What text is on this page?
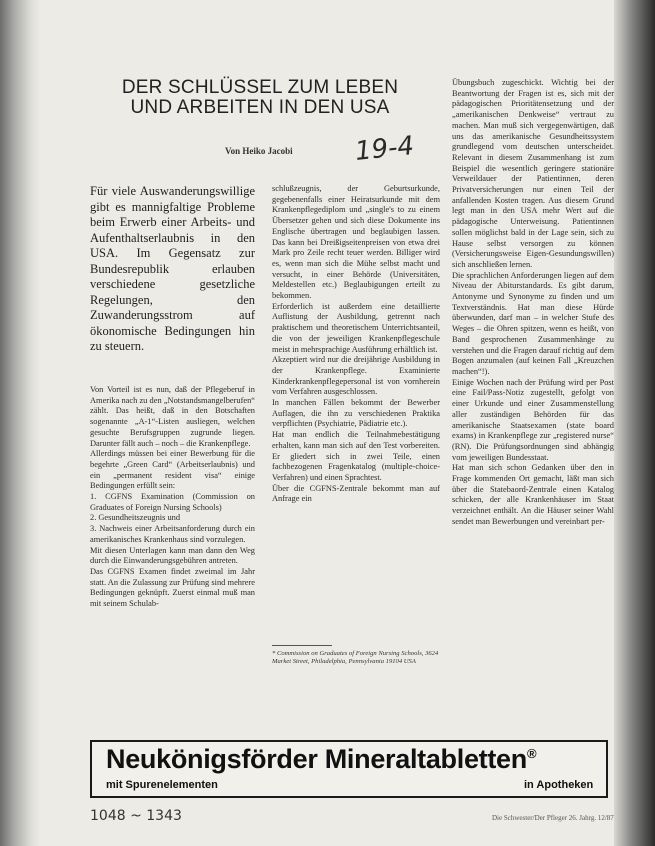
DER SCHLÜSSEL ZUM LEBEN UND ARBEITEN IN DEN USA
Von Heiko Jacobi 19-4
Für viele Auswanderungswillige gibt es mannigfaltige Probleme beim Erwerb einer Arbeits- und Aufenthaltserlaubnis in den USA. Im Gegensatz zur Bundesrepublik erlauben verschiedene gesetzliche Regelungen, den Zuwanderungsstrom auf ökonomische Bedingungen hin zu steuern.

Von Vorteil ist es nun, daß der Pflegeberuf in Amerika nach zu den „Notstandsmangelberufen“ zählt. Das heißt, daß in den Botschaften sogenannte „A-1“-Listen ausliegen, welchen gesuchte Berufsgruppen zugrunde liegen. Darunter fällt auch – noch – die Krankenpflege.

Allerdings müssen bei einer Bewerbung für die begehrte „Green Card“ (Arbeitserlaubnis) und ein „permanent resident visa“ einige Bedingungen erfüllt sein:

1. CGFNS Examination (Commission on Graduates of Foreign Nursing Schools)

2. Gesundheitszeugnis und

3. Nachweis einer Arbeitsanforderung durch ein amerikanisches Krankenhaus sind vorzulegen.

Mit diesen Unterlagen kann man dann den Weg durch die Einwanderungsgebühren antreten.

Das CGFNS Examen findet zweimal im Jahr statt. An die Zulassung zur Prüfung sind mehrere Bedingungen geknüpft. Zuerst einmal muß man mit seinem Schulab-

schlußzeugnis, der Geburtsurkunde, gegebenenfalls einer Heiratsurkunde mit dem Krankenpflegediplom und „single's to zu einem Übersetzer gehen und sich diese Dokumente ins Englische übertragen und beglaubigen lassen. Das kann bei Dreißigseitenpreisen von etwa drei Mark pro Zeile recht teuer werden. Billiger wird es, wenn man sich die Mühe selbst macht und versucht, in einer Behörde (Universitäten, Meldestellen etc.) Beglaubigungen erteilt zu bekommen.

Erforderlich ist außerdem eine detaillierte Auflistung der Ausbildung, getrennt nach praktischem und theoretischem Unterrichtsanteil, die von der jeweiligen Krankenpflegeschule meist in mehrsprachige Ausführung erhältlich ist.

Akzeptiert wird nur die dreijährige Ausbildung in der Krankenpflege. Examinierte Kinderkrankenpflegepersonal ist von vornherein vom Verfahren ausgeschlossen.

In manchen Fällen bekommt der Bewerber Auflagen, die ihn zu verschiedenen Praktika verpflichten (Psychiatrie, Pädiatrie etc.).

Hat man endlich die Teilnahmebestätigung erhalten, kann man sich auf den Test vorbereiten. Er gliedert sich in zwei Teile, einen fachbezogenen Fragenkatalog (multiple-choice-Verfahren) und einen Sprachtest.

Über die CGFNS-Zentrale bekommt man auf Anfrage ein

* Commission on Graduates of Foreign Nursing Schools, 3624 Market Street, Philadelphia, Pennsylvania 19104 USA

Übungsbuch zugeschickt. Wichtig bei der Beantwortung der Fragen ist es, sich mit der pädagogischen Prioritätensetzung und der „amerikanischen Denkweise“ vertraut zu machen. Man muß sich vergegenwärtigen, daß uns das amerikanische Gesundheitssystem grundlegend vom deutschen unterscheidet. Relevant in diesem Zusammenhang ist zum Beispiel die wesentlich geringere stationäre Verweildauer der Patientinnen, deren Privatversicherungen nur einen Teil der anfallenden Kosten tragen. Aus diesem Grund legt man in den USA mehr Wert auf die pädagogische Unterweisung. Patientinnen sollen möglichst bald in der Lage sein, sich zu Hause selbst versorgen zu können (Versicherungsweise Eigen-Gesundungswillen) sich anschließen lernen.

Die sprachlichen Anforderungen liegen auf dem Niveau der Abiturstandards. Es gibt darum, Antonyme und Synonyme zu finden und um Textverständnis. Hat man diese Hürde überwunden, darf man – in welcher Stufe des Weges – die Ohren spitzen, wenn es heißt, von Band gesprochenen Zusammenhänge zu verstehen und die Fragen darauf richtig auf dem Bogen anzumalen (auf keinen Fall „Kreuzchen machen“!).

Einige Wochen nach der Prüfung wird per Post eine Fail/Pass-Notiz zugestellt, gefolgt von einer Urkunde und einer Zusammenstellung aller zuständigen Behörden für das amerikanische Staatsexamen (state board exams) in Krankenpflege zur „registered nurse“ (RN). Die Prüfungsordnungen sind abhängig vom jeweiligen Bundesstaat.

Hat man sich schon Gedanken über den in Frage kommenden Ort gemacht, läßt man sich über die Statebaord-Zentrale einen Katalog schicken, der alle Krankenhäuser im Staat verzeichnet enthält. An die Häuser seiner Wahl sendet man Bewerbungen und vereinbart per-

Neukönigsförder Mineraltabletten®
mit Spurenelementen	in Apotheken
1048 ~ 1343	Die Schwester/Der Pfleger 26. Jahrg. 12/87
